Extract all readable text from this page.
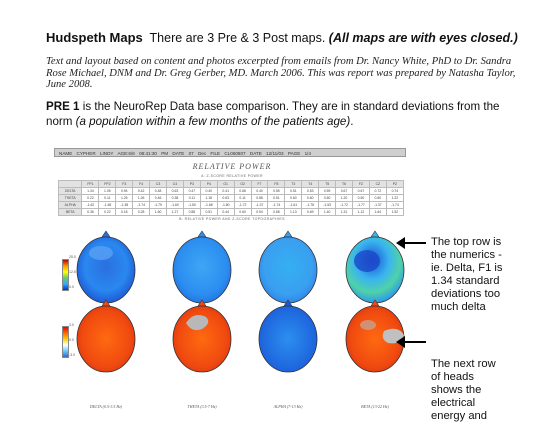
Hudspeth Maps There are 3 Pre & 3 Post maps. (All maps are with eyes closed.)
Text and layout based on content and photos excerpted from emails from Dr. Nancy White, PhD to Dr. Sandra Rose Michael, DNM and Dr. Greg Gerber, MD. March 2006. This was report was prepared by Natasha Taylor, June 2008.
PRE 1 is the NeuroRep Data base comparison. They are in standard deviations from the norm (a population within a few months of the patients age).
NAME CYPHER LINDY AGE:6/6 08:41:30 PM DATE 07 Dec FILE CL060807 DATE 12/11/03 PAGE 1/4
RELATIVE POWER
A: Z-SCORE RELATIVE POWER
	FP1	FP2	F3	F4	C3	C4	P3	P4	O1	O2	F7	F8	T3	T4	T5	T6	FZ	CZ	PZ
DELTA	1.34	1.05	0.94	0.42	0.48	0.63	0.47	0.40	0.41	0.66	0.40	0.55	0.51	0.53	0.59	0.67	0.67	0.72	0.74
THETA	0.22	0.11	1.25	1.26	0.46	0.38	0.11	1.18	0.63	0.11	0.88	0.51	0.60	0.60	0.60	1.20	0.50	0.60	1.22
ALPHA	-1.62	-1.48	-1.38	-1.74	-1.79	-1.60	-1.50	-1.68	-1.80	-1.72	-1.37	-1.74	-1.61	-1.78	-1.53	-1.72	-1.77	-1.37	-1.74
BETA	0.36	0.22	0.18	0.28	1.60	1.27	0.88	0.51	0.44	0.60	0.54	0.68	1.13	0.69	1.40	1.31	1.12	1.64	1.52
B: RELATIVE POWER AND Z-SCORE TOPOGRAPHIES
DELTA (0.5-3.5 Hz)	THETA (3.5-7 Hz)	ALPHA (7-13 Hz)	BETA (13-22 Hz)
25.0
12.5
0.0
3.0
0.0
-3.0
The top row is the numerics - ie. Delta, F1 is 1.34 standard deviations too much delta
The next row of heads shows the electrical energy and
